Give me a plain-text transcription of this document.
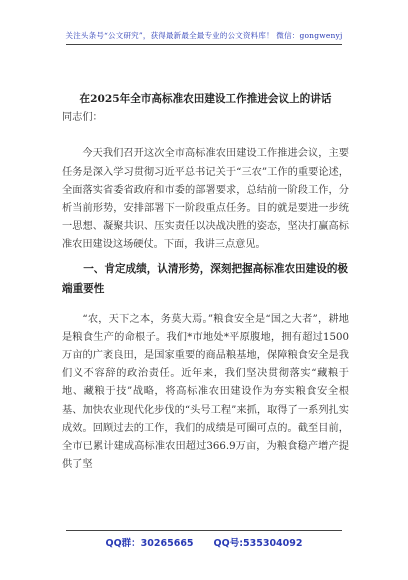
关注头条号“公文研究”，获得最新最全最专业的公文资料库！ 微信：gongwenyj
在2025年全市高标准农田建设工作推进会议上的讲话

同志们：

今天我们召开这次全市高标准农田建设工作推进会议，主要任务是深入学习贯彻习近平总书记关于“三农”工作的重要论述，全面落实省委省政府和市委的部署要求，总结前一阶段工作，分析当前形势，安排部署下一阶段重点任务。目的就是要进一步统一思想、凝聚共识、压实责任以决战决胜的姿态，坚决打赢高标准农田建设这场硬仗。下面，我讲三点意见。

一、肯定成绩，认清形势，深刻把握高标准农田建设的极端重要性

“农，天下之本，务莫大焉。”粮食安全是“国之大者”，耕地是粮食生产的命根子。我们*市地处*平原腹地，拥有超过1500万亩的广袤良田，是国家重要的商品粮基地，保障粮食安全是我们义不容辞的政治责任。近年来，我们坚决贯彻落实“藏粮于地、藏粮于技”战略，将高标准农田建设作为夯实粮食安全根基、加快农业现代化步伐的“头号工程”来抓，取得了一系列扎实成效。回顾过去的工作，我们的成绩是可圈可点的。截至目前，全市已累计建成高标准农田超过366.9万亩，为粮食稳产增产提供了坚

QQ群：30265665 QQ号:535304092
